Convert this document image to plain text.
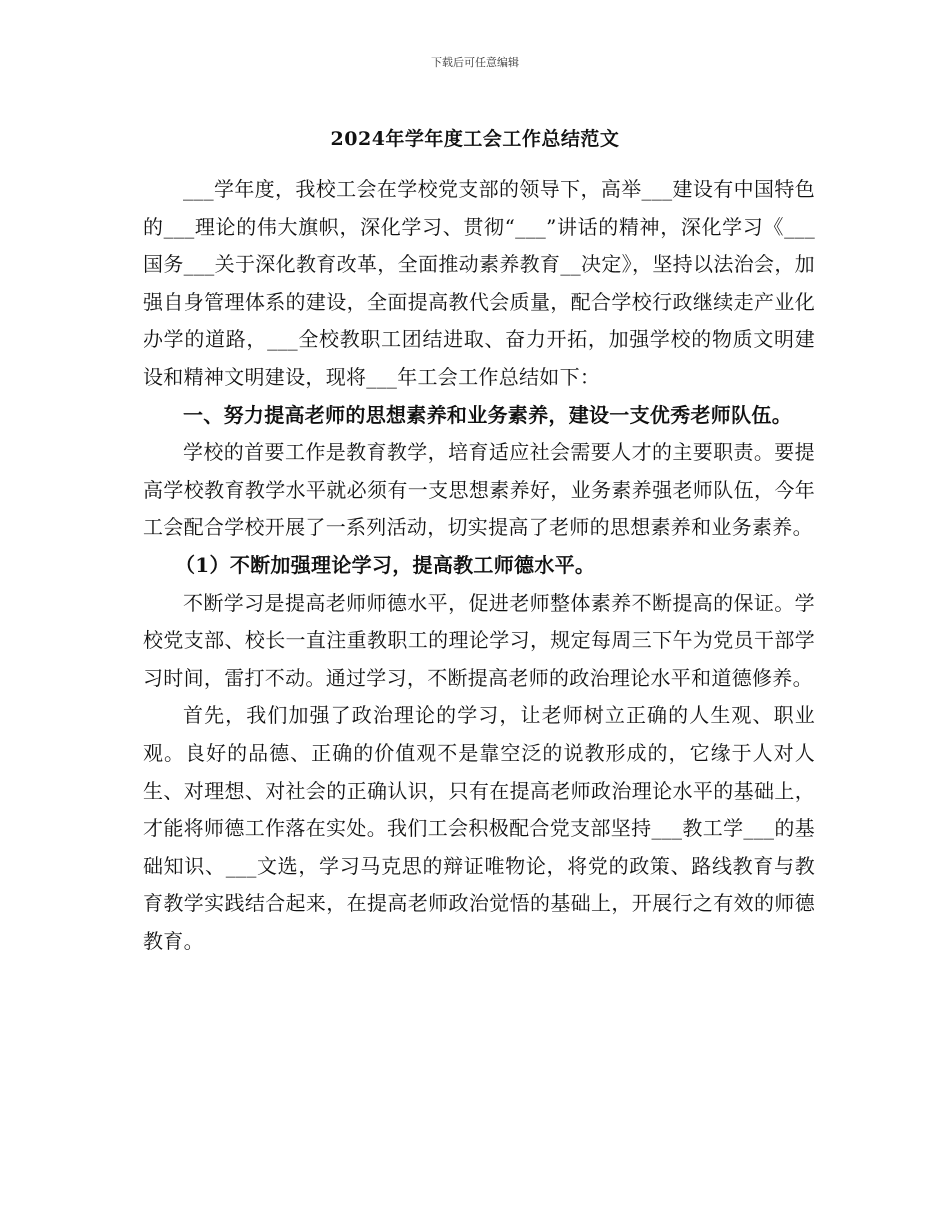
下载后可任意编辑
2024年学年度工会工作总结范文

___学年度，我校工会在学校党支部的领导下，高举___建设有中国特色的___理论的伟大旗帜，深化学习、贯彻“___”讲话的精神，深化学习《___国务___关于深化教育改革，全面推动素养教育__决定》，坚持以法治会，加强自身管理体系的建设，全面提高教代会质量，配合学校行政继续走产业化办学的道路，___全校教职工团结进取、奋力开拓，加强学校的物质文明建设和精神文明建设，现将___年工会工作总结如下：

一、努力提高老师的思想素养和业务素养，建设一支优秀老师队伍。

学校的首要工作是教育教学，培育适应社会需要人才的主要职责。要提高学校教育教学水平就必须有一支思想素养好，业务素养强老师队伍，今年工会配合学校开展了一系列活动，切实提高了老师的思想素养和业务素养。

（1）不断加强理论学习，提高教工师德水平。

不断学习是提高老师师德水平，促进老师整体素养不断提高的保证。学校党支部、校长一直注重教职工的理论学习，规定每周三下午为党员干部学习时间，雷打不动。通过学习，不断提高老师的政治理论水平和道德修养。

首先，我们加强了政治理论的学习，让老师树立正确的人生观、职业观。良好的品德、正确的价值观不是靠空泛的说教形成的，它缘于人对人生、对理想、对社会的正确认识，只有在提高老师政治理论水平的基础上，才能将师德工作落在实处。我们工会积极配合党支部坚持___教工学___的基础知识、___文选，学习马克思的辩证唯物论，将党的政策、路线教育与教育教学实践结合起来，在提高老师政治觉悟的基础上，开展行之有效的师德教育。
